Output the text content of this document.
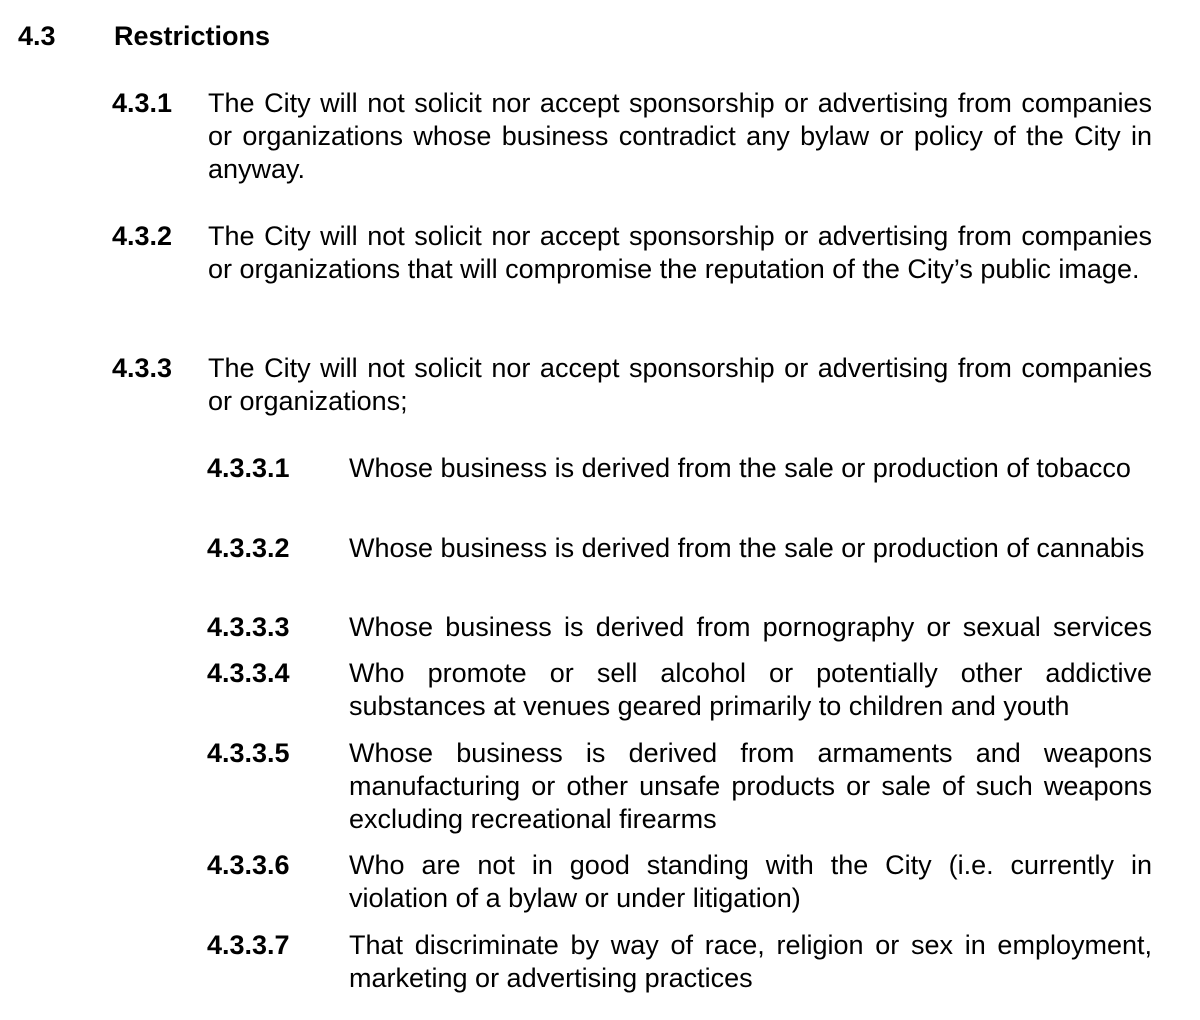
4.3 Restrictions
4.3.1 The City will not solicit nor accept sponsorship or advertising from companies or organizations whose business contradict any bylaw or policy of the City in anyway.
4.3.2 The City will not solicit nor accept sponsorship or advertising from companies or organizations that will compromise the reputation of the City’s public image.
4.3.3 The City will not solicit nor accept sponsorship or advertising from companies or organizations;
4.3.3.1 Whose business is derived from the sale or production of tobacco
4.3.3.2 Whose business is derived from the sale or production of cannabis
4.3.3.3 Whose business is derived from pornography or sexual services
4.3.3.4 Who promote or sell alcohol or potentially other addictive substances at venues geared primarily to children and youth
4.3.3.5 Whose business is derived from armaments and weapons manufacturing or other unsafe products or sale of such weapons excluding recreational firearms
4.3.3.6 Who are not in good standing with the City (i.e. currently in violation of a bylaw or under litigation)
4.3.3.7 That discriminate by way of race, religion or sex in employment, marketing or advertising practices
